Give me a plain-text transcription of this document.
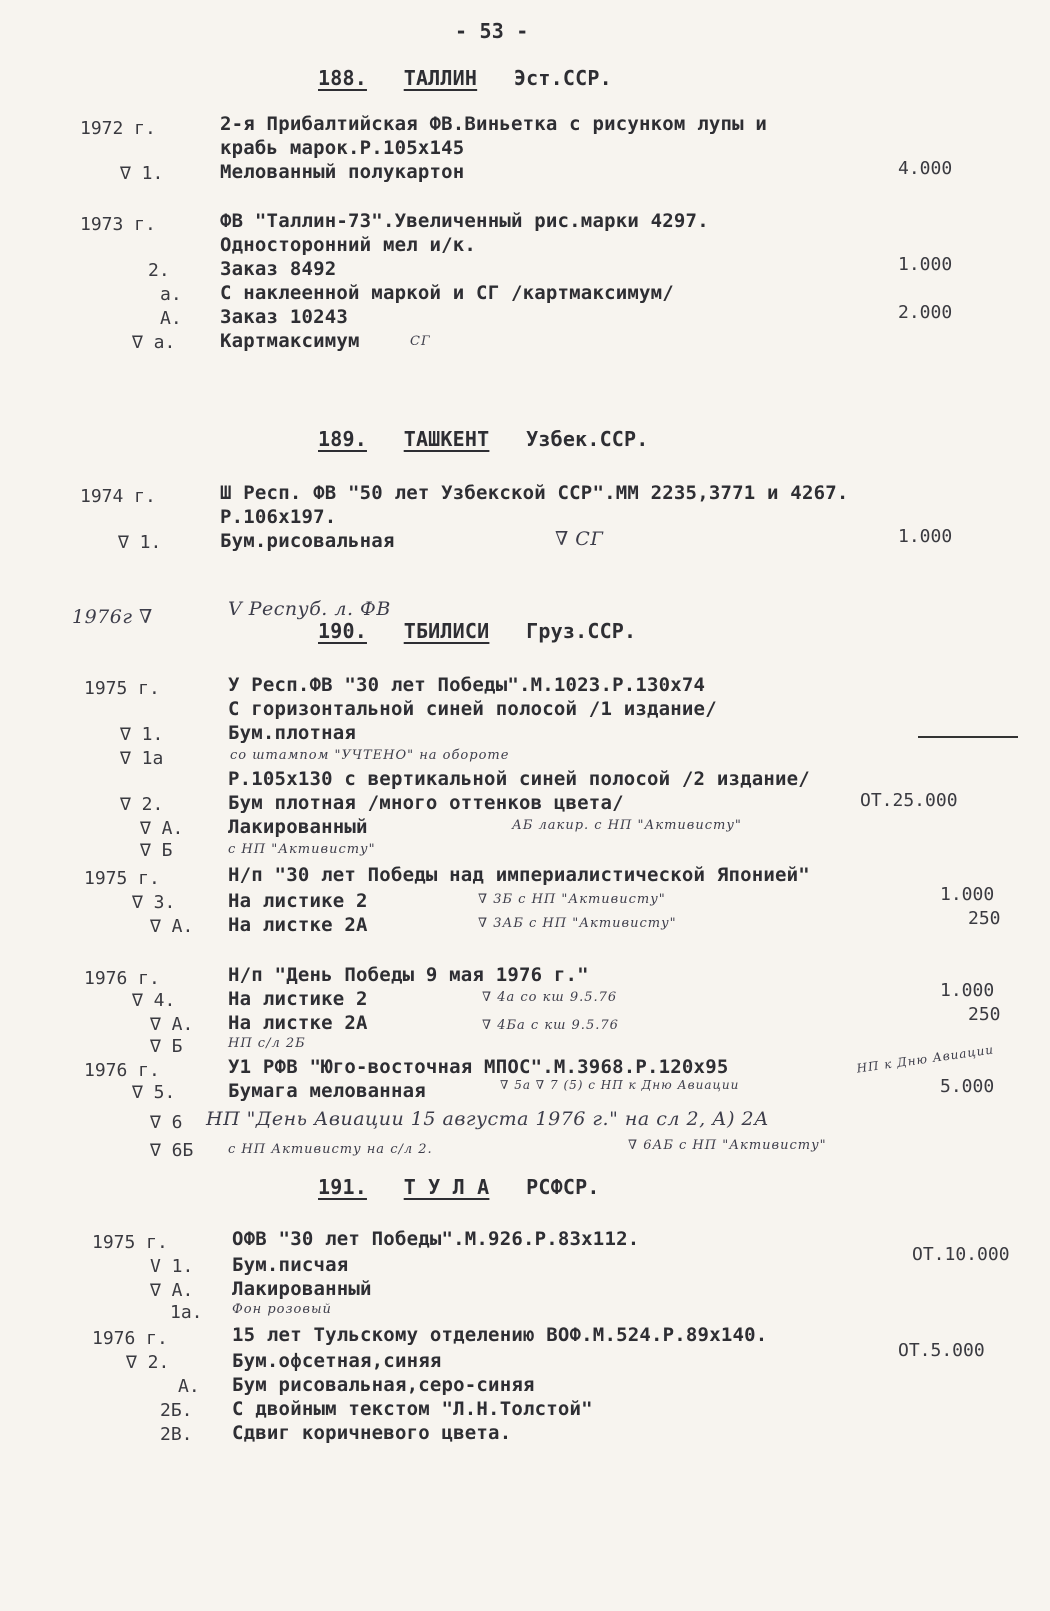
- 53 -
188. ТАЛЛИН Эст.ССР.
1972 г.	2-я Прибалтийская ФВ.Виньетка с рисунком лупы и
крабь марок.Р.105х145
∇ 1.	Мелованный полукартон	4.000
1973 г.	ФВ "Таллин-73".Увеличенный рис.марки 4297.
Односторонний мел и/к.
2.	Заказ 8492	1.000
а. С наклеенной маркой и СГ /картмаксимум/
А. Заказ 10243	2.000
∇ а. Картмаксимум	СГ
189. ТАШКЕНТ Узбек.ССР.
1974 г.	Ш Респ. ФВ "50 лет Узбекской ССР".ММ 2235,3771 и 4267.
Р.106х197.
∇ 1.	Бум.рисовальная	∇ СГ	1.000
1976г ∇	V Респуб. л. ФВ
190. ТБИЛИСИ Груз.ССР.
1975 г.	У Респ.ФВ "30 лет Победы".М.1023.Р.130х74
С горизонтальной синей полосой /1 издание/
∇ 1.	Бум.плотная
∇ 1а	со штампом "УЧТЕНО" на обороте
Р.105х130 с вертикальной синей полосой /2 издание/
∇ 2.	Бум плотная /много оттенков цвета/	ОТ.25.000
∇ А. Лакированный	АБ лакир. с НП "Активисту"
∇ Б	с НП "Активисту"
1975 г.	Н/п "30 лет Победы над империалистической Японией"
∇ 3.	На листике 2	∇ 3Б с НП "Активисту"	1.000
∇ А. На листке 2А	∇ 3АБ с НП "Активисту"	250
1976 г.	Н/п "День Победы 9 мая 1976 г."
∇ 4.	На листике 2	∇ 4а со кш 9.5.76	1.000
∇ А. На листке 2А	250
∇ 4Ба с кш 9.5.76
∇ Б	НП с/л 2Б
1976 г.	У1 РФВ "Юго-восточная МПОС".М.3968.Р.120х95	НП к Дню Авиации
∇ 5.	Бумага мелованная	∇ 5а ∇ 7 (5) с НП к Дню Авиации	5.000
∇ 6 НП "День Авиации 15 августа 1976 г." на сл 2, А) 2А
∇ 6Б	с НП Активисту на с/л 2.	∇ 6АБ с НП "Активисту"
191. Т У Л А РСФСР.
1975 г.	ОФВ "30 лет Победы".М.926.Р.83х112.
V 1. Бум.писчая	ОТ.10.000
∇ А. Лакированный
1а. Фон розовый
1976 г.	15 лет Тульскому отделению ВОФ.М.524.Р.89х140.
∇ 2.	Бум.офсетная,синяя	ОТ.5.000
А. Бум рисовальная,серо-синяя
2Б. С двойным текстом "Л.Н.Толстой"
2В. Сдвиг коричневого цвета.
